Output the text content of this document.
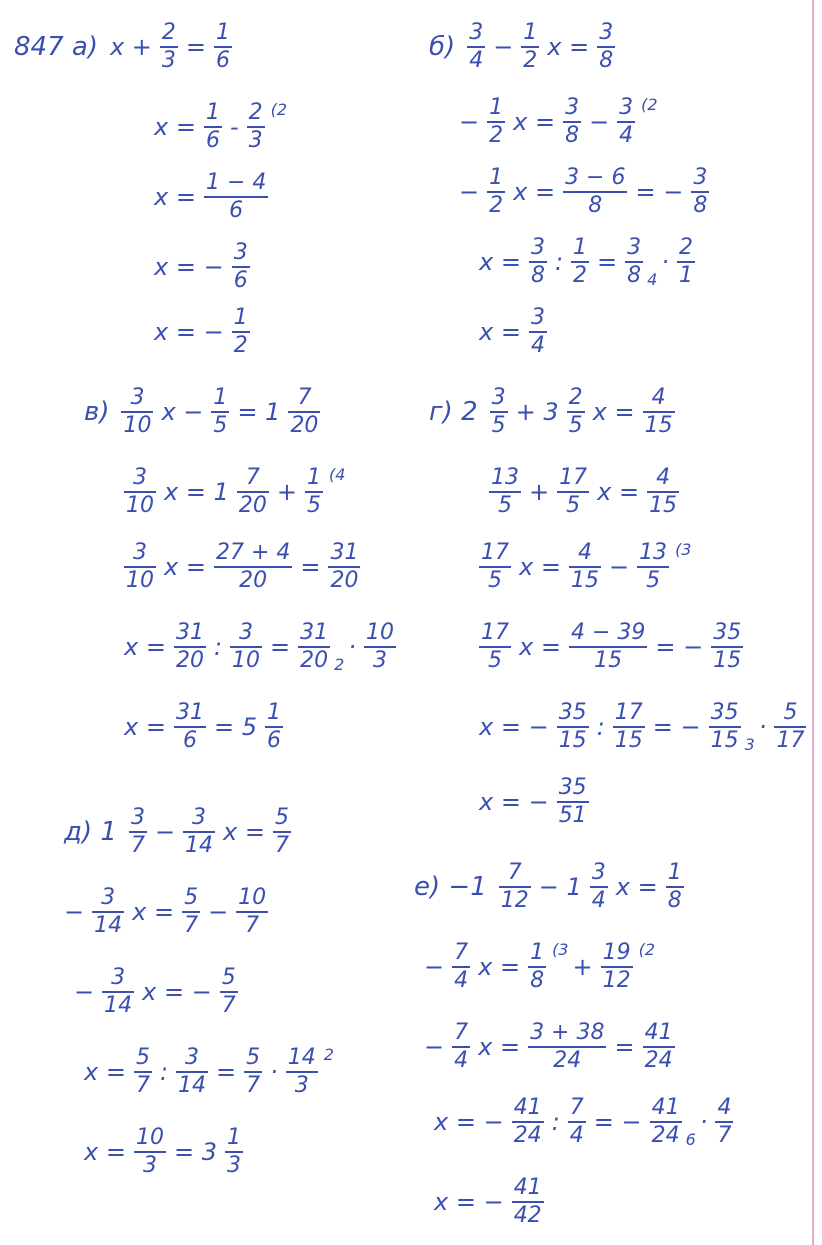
847 а) $x + \frac{2}{3} = \frac{1}{6}$
$x = \frac{1}{6} - \frac{2}{3} (2$
$x = \frac{1 - 4}{6}$
x = − $\frac{3}{6}$
x = − $\frac{1}{2}$
$б) \frac{3}{4} - \frac{1}{2}$ $x = \frac{3}{8}$
− $\frac{1}{2}$ $x = \frac{3}{8} - \frac{3}{4} (2$
− $\frac{1}{2}$ $x = \frac{3 - 6}{8}$ = − $\frac{3}{8}$
$x = \frac{3}{8}$ : $\frac{1}{2} = \frac{3}{8} 4$
· $\frac{2}{1}$
$x = \frac{3}{4}$
$в) \frac{3}{10}$ $x - \frac{1}{5} = 1 \frac{7}{20}$
$\frac{3}{10}$ $x = 1 \frac{7}{20} + \frac{1}{5} (4$
$\frac{3}{10}$ $x = \frac{27 + 4}{20} = \frac{31}{20}$
$x = \frac{31}{20}$ : $\frac{3}{10} = \frac{31}{20} 2$
· $\frac{10}{3}$
$x = \frac{31}{6} = 5 \frac{1}{6}$
г) $2 \frac{3}{5} + 3 \frac{2}{5}$ $x = \frac{4}{15}$
$\frac{13}{5} + \frac{17}{5}$ $x = \frac{4}{15}$
$\frac{17}{5}$ $x = \frac{4}{15} - \frac{13}{5} (3$
$\frac{17}{5}$ $x = \frac{4 - 39}{15}$ = − $\frac{35}{15}$
x = − $\frac{35}{15}$ : $\frac{17}{15}$ = − $\frac{35}{15} 3$
· $\frac{5}{17}$
x = − $\frac{35}{51}$
д) $1 \frac{3}{7} - \frac{3}{14}$ $x = \frac{5}{7}$
− $\frac{3}{14}$ $x = \frac{5}{7} - \frac{10}{7}$
− $\frac{3}{14}$ x = − $\frac{5}{7}$
$x = \frac{5}{7}$ : $\frac{3}{14} = \frac{5}{7} \cdot \frac{14}{3} 2$
$x = \frac{10}{3} = 3 \frac{1}{3}$
$е) -1 \frac{7}{12} - 1 \frac{3}{4}$ $x = \frac{1}{8}$
− $\frac{7}{4}$ $x = \frac{1}{8} (3$
+ $\frac{19}{12} (2$
− $\frac{7}{4}$ $x = \frac{3 + 38}{24} = \frac{41}{24}$
x = − $\frac{41}{24}$ : $\frac{7}{4}$ = − $\frac{41}{24} 6$
· $\frac{4}{7}$
x = − $\frac{41}{42}$
